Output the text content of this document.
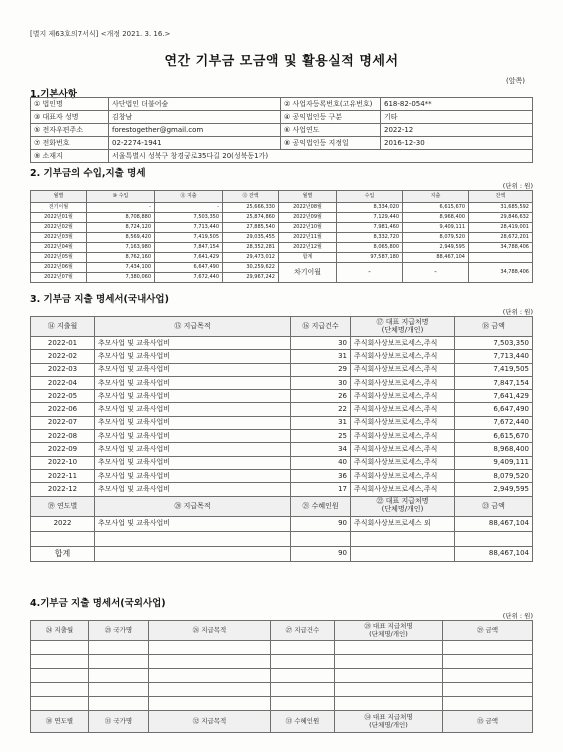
[별지 제63호의7서식] <개정 2021. 3. 16.>
연간 기부금 모금액 및 활용실적 명세서
(앞쪽)
1.기본사항
① 법인명	사단법인 더불어숲	② 사업자등록번호(고유번호)	618-82-054**
③ 대표자 성명	김창남	④ 공익법인등 구분	기타
⑤ 전자우편주소	forestogether@gmail.com	⑥ 사업연도	2022-12
⑦ 전화번호	02-2274-1941	⑧ 공익법인등 지정일	2016-12-30
⑨ 소재지	서울특별시 성북구 창경궁로35다길 20(성북동1가)		
2. 기부금의 수입,지출 명세
(단위 : 원)
월별	⑩ 수입	⑪ 지출	⑫ 잔액	월별	수입	지출	잔액
전기이월	-	-	25,666,330	2022년08월	8,334,020	6,615,670	31,685,592
2022년01월	8,708,880	7,503,350	25,874,860	2022년09월	7,129,440	8,968,400	29,846,632
2022년02월	8,724,120	7,713,440	27,885,540	2022년10월	7,981,460	9,409,111	28,419,001
2022년03월	8,569,420	7,419,505	29,035,455	2022년11월	8,332,720	8,079,520	28,672,201
2022년04월	7,163,980	7,847,154	28,352,281	2022년12월	8,065,800	2,949,595	34,788,406
2022년05월	8,762,160	7,641,429	29,473,012	합계	97,587,180	88,467,104	
2022년06월	7,434,100	6,647,490	30,259,622	차기이월	-	-	34,788,406
2022년07월	7,380,060	7,672,440	29,967,242				
3. 기부금 지출 명세서(국내사업)
(단위 : 원)
⑭ 지출월	⑮ 지급목적	⑯ 지급건수	⑰ 대표 지급처명
(단체명/개인)	⑱ 금액
2022-01	추모사업 및 교육사업비	30	주식회사상보프로세스,주식	7,503,350
2022-02	추모사업 및 교육사업비	31	주식회사상보프로세스,주식	7,713,440
2022-03	추모사업 및 교육사업비	29	주식회사상보프로세스,주식	7,419,505
2022-04	추모사업 및 교육사업비	30	주식회사상보프로세스,주식	7,847,154
2022-05	추모사업 및 교육사업비	26	주식회사상보프로세스,주식	7,641,429
2022-06	추모사업 및 교육사업비	22	주식회사상보프로세스,주식	6,647,490
2022-07	추모사업 및 교육사업비	31	주식회사상보프로세스,주식	7,672,440
2022-08	추모사업 및 교육사업비	25	주식회사상보프로세스,주식	6,615,670
2022-09	추모사업 및 교육사업비	34	주식회사상보프로세스,주식	8,968,400
2022-10	추모사업 및 교육사업비	40	주식회사상보프로세스,주식	9,409,111
2022-11	추모사업 및 교육사업비	36	주식회사상보프로세스,주식	8,079,520
2022-12	추모사업 및 교육사업비	17	주식회사상보프로세스,주식	2,949,595
⑲ 연도별	⑳ 지급목적	㉑ 수혜인원	㉒ 대표 지급처명
(단체명/개인)	㉓ 금액
2022	추모사업 및 교육사업비	90	주식회사상보프로세스 외	88,467,104

합계		90		88,467,104
4.기부금 지출 명세서(국외사업)
(단위 : 원)
㉔ 지출월	㉕ 국가명	㉖ 지급목적	㉗ 지급건수	㉘ 대표 지급처명
(단체명/개인)	㉙ 금액

㉚ 연도별	㉛ 국가명	㉜ 지급목적	㉝ 수혜인원	㉞ 대표 지급처명
(단체명/개인)	㉟ 금액
